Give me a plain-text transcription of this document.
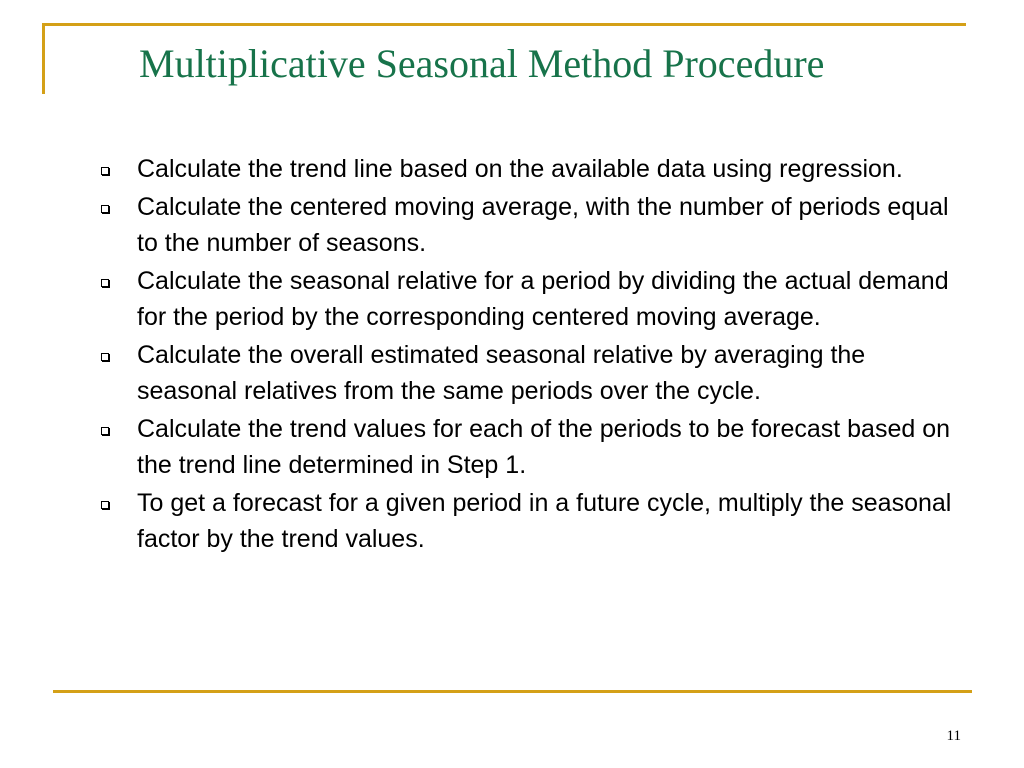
Multiplicative Seasonal Method Procedure
Calculate the trend line based on the available data using regression.
Calculate the centered moving average, with the number of periods equal to the number of seasons.
Calculate the seasonal relative for a period by dividing the actual demand for the period by the corresponding centered moving average.
Calculate the overall estimated seasonal relative by averaging the seasonal relatives from the same periods over the cycle.
Calculate the trend values for each of the periods to be forecast based on the trend line determined in Step 1.
To get a forecast for a given period in a future cycle, multiply the seasonal factor by the trend values.
11
